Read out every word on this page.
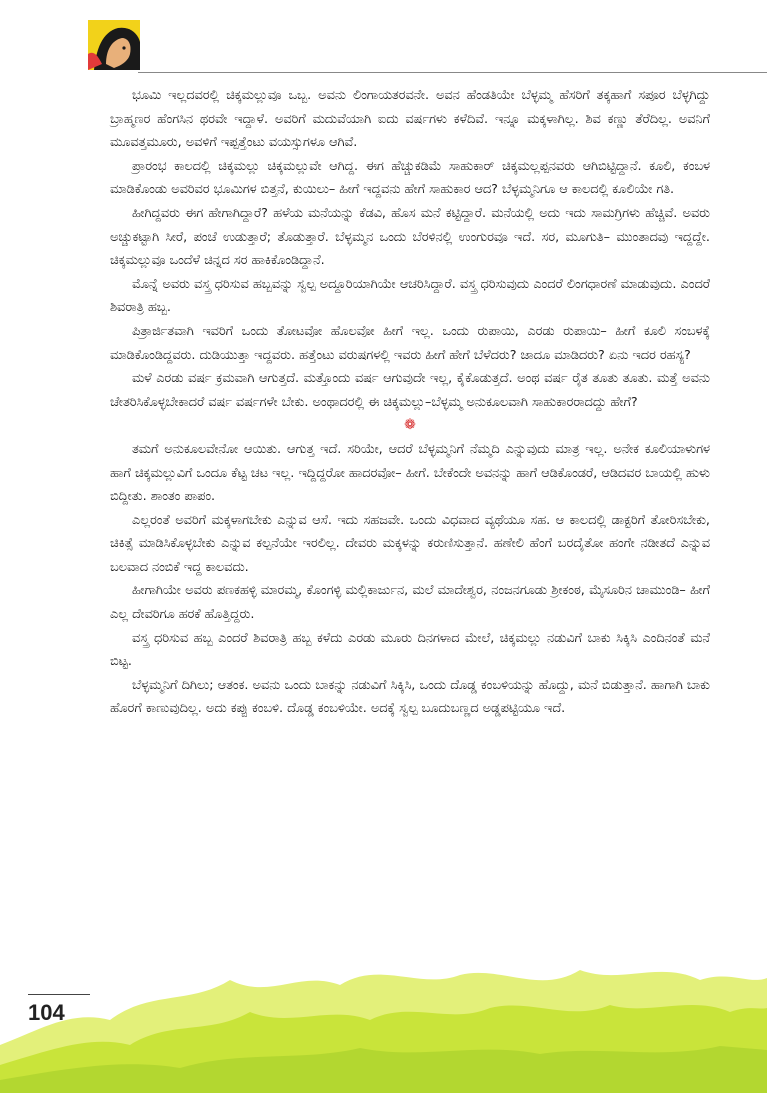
ಭೂಮಿ ಇಲ್ಲದವರಲ್ಲಿ ಚಿಕ್ಕಮಲ್ಲುವೂ ಒಬ್ಬ. ಅವನು ಲಿಂಗಾಯತರವನೇ. ಅವನ ಹೆಂಡತಿಯೇ ಬೆಳ್ಳಮ್ಮ ಹೆಸರಿಗೆ ತಕ್ಕಹಾಗೆ ಸಪೂರ ಬೆಳ್ಳಗಿದ್ದು ಬ್ರಾಹ್ಮಣರ ಹೆಂಗಸಿನ ಥರವೇ ಇದ್ದಾಳೆ. ಅವರಿಗೆ ಮದುವೆಯಾಗಿ ಐದು ವರ್ಷಗಳು ಕಳೆದಿವೆ. ಇನ್ನೂ ಮಕ್ಕಳಾಗಿಲ್ಲ. ಶಿವ ಕಣ್ಣು ತೆರೆದಿಲ್ಲ. ಅವನಿಗೆ ಮೂವತ್ತಮೂರು, ಅವಳಿಗೆ ಇಪ್ಪತ್ತೆಂಟು ವಯಸ್ಸುಗಳೂ ಆಗಿವೆ.

ಪ್ರಾರಂಭ ಕಾಲದಲ್ಲಿ ಚಿಕ್ಕಮಲ್ಲು ಚಿಕ್ಕಮಲ್ಲುವೇ ಆಗಿದ್ದ. ಈಗ ಹೆಚ್ಚುಕಡಿಮೆ ಸಾಹುಕಾರ್ ಚಿಕ್ಕಮಲ್ಲಪ್ಪನವರು ಆಗಿಬಿಟ್ಟಿದ್ದಾನೆ. ಕೂಲಿ, ಕಂಬಳ ಮಾಡಿಕೊಂಡು ಅವರಿವರ ಭೂಮಿಗಳ ಬಿತ್ತನೆ, ಕುಯಿಲು– ಹೀಗೆ ಇದ್ದವನು ಹೇಗೆ ಸಾಹುಕಾರ ಆದ? ಬೆಳ್ಳಮ್ಮನಿಗೂ ಆ ಕಾಲದಲ್ಲಿ ಕೂಲಿಯೇ ಗತಿ.

ಹೀಗಿದ್ದವರು ಈಗ ಹೇಗಾಗಿದ್ದಾರೆ? ಹಳೆಯ ಮನೆಯನ್ನು ಕೆಡವಿ, ಹೊಸ ಮನೆ ಕಟ್ಟಿದ್ದಾರೆ. ಮನೆಯಲ್ಲಿ ಅದು ಇದು ಸಾಮಗ್ರಿಗಳು ಹೆಚ್ಚಿವೆ. ಅವರು ಅಚ್ಚುಕಟ್ಟಾಗಿ ಸೀರೆ, ಪಂಚೆ ಉಡುತ್ತಾರೆ; ತೊಡುತ್ತಾರೆ. ಬೆಳ್ಳಮ್ಮನ ಒಂದು ಬೆರಳಿನಲ್ಲಿ ಉಂಗುರವೂ ಇದೆ. ಸರ, ಮೂಗುತಿ– ಮುಂತಾದವು ಇದ್ದದ್ದೇ. ಚಿಕ್ಕಮಲ್ಲುವೂ ಒಂದೆಳೆ ಚಿನ್ನದ ಸರ ಹಾಕಿಕೊಂಡಿದ್ದಾನೆ.

ಮೊನ್ನೆ ಅವರು ವಸ್ತ್ರ ಧರಿಸುವ ಹಬ್ಬವನ್ನು ಸ್ವಲ್ಪ ಅದ್ದೂರಿಯಾಗಿಯೇ ಆಚರಿಸಿದ್ದಾರೆ. ವಸ್ತ್ರ ಧರಿಸುವುದು ಎಂದರೆ ಲಿಂಗಧಾರಣೆ ಮಾಡುವುದು. ಎಂದರೆ ಶಿವರಾತ್ರಿ ಹಬ್ಬ.

ಪಿತ್ರಾರ್ಜಿತವಾಗಿ ಇವರಿಗೆ ಒಂದು ತೋಟವೋ ಹೊಲವೋ ಹೀಗೆ ಇಲ್ಲ. ಒಂದು ರುಪಾಯಿ, ಎರಡು ರುಪಾಯಿ– ಹೀಗೆ ಕೂಲಿ ಸಂಬಳಕ್ಕೆ ಮಾಡಿಕೊಂಡಿದ್ದವರು. ದುಡಿಯುತ್ತಾ ಇದ್ದವರು. ಹತ್ತೆಂಟು ವರುಷಗಳಲ್ಲಿ ಇವರು ಹೀಗೆ ಹೇಗೆ ಬೆಳೆದರು? ಜಾದೂ ಮಾಡಿದರು? ಏನು ಇದರ ರಹಸ್ಯ?

ಮಳೆ ಎರಡು ವರ್ಷ ಕ್ರಮವಾಗಿ ಆಗುತ್ತದೆ. ಮತ್ತೊಂದು ವರ್ಷ ಆಗುವುದೇ ಇಲ್ಲ, ಕೈಕೊಡುತ್ತದೆ. ಅಂಥ ವರ್ಷ ರೈತ ತೂತು ತೂತು. ಮತ್ತೆ ಅವನು ಚೇತರಿಸಿಕೊಳ್ಳಬೇಕಾದರೆ ವರ್ಷ ವರ್ಷಗಳೇ ಬೇಕು. ಅಂಥಾದರಲ್ಲಿ ಈ ಚಿಕ್ಕಮಲ್ಲು–ಬೆಳ್ಳಮ್ಮ ಅನುಕೂಲವಾಗಿ ಸಾಹುಕಾರರಾದದ್ದು ಹೇಗೆ?

❁

ತಮಗೆ ಅನುಕೂಲವೇನೋ ಆಯಿತು. ಆಗುತ್ತ ಇದೆ. ಸರಿಯೇ, ಆದರೆ ಬೆಳ್ಳಮ್ಮನಿಗೆ ನೆಮ್ಮದಿ ಎನ್ನುವುದು ಮಾತ್ರ ಇಲ್ಲ. ಅನೇಕ ಕೂಲಿಯಾಳುಗಳ ಹಾಗೆ ಚಿಕ್ಕಮಲ್ಲುವಿಗೆ ಒಂದೂ ಕೆಟ್ಟ ಚಟ ಇಲ್ಲ. ಇದ್ದಿದ್ದರೋ ಹಾದರವೋ– ಹೀಗೆ. ಬೇಕೆಂದೇ ಅವನನ್ನು ಹಾಗೆ ಆಡಿಕೊಂಡರೆ, ಆಡಿದವರ ಬಾಯಲ್ಲಿ ಹುಳು ಬಿದ್ದೀತು. ಶಾಂತಂ ಪಾಪಂ.

ಎಲ್ಲರಂತೆ ಅವರಿಗೆ ಮಕ್ಕಳಾಗಬೇಕು ಎನ್ನುವ ಆಸೆ. ಇದು ಸಹಜವೇ. ಒಂದು ವಿಧವಾದ ವ್ಯಥೆಯೂ ಸಹ. ಆ ಕಾಲದಲ್ಲಿ ಡಾಕ್ಟರಿಗೆ ತೋರಿಸಬೇಕು, ಚಿಕಿತ್ಸೆ ಮಾಡಿಸಿಕೊಳ್ಳಬೇಕು ಎನ್ನುವ ಕಲ್ಪನೆಯೇ ಇರಲಿಲ್ಲ. ದೇವರು ಮಕ್ಕಳನ್ನು ಕರುಣಿಸುತ್ತಾನೆ. ಹಣೇಲಿ ಹೆಂಗೆ ಬರದೈತೋ ಹಂಗೇ ನಡೀತದೆ ಎನ್ನುವ ಬಲವಾದ ನಂಬಿಕೆ ಇದ್ದ ಕಾಲವದು.

ಹೀಗಾಗಿಯೇ ಅವರು ಪಣಕಹಳ್ಳಿ ಮಾರಮ್ಮ, ಕೊಂಗಳ್ಳಿ ಮಲ್ಲಿಕಾರ್ಜುನ, ಮಲೆ ಮಾದೇಶ್ವರ, ನಂಜನಗೂಡು ಶ್ರೀಕಂಠ, ಮೈಸೂರಿನ ಚಾಮುಂಡಿ– ಹೀಗೆ ಎಲ್ಲ ದೇವರಿಗೂ ಹರಕೆ ಹೊತ್ತಿದ್ದರು.

ವಸ್ತ್ರ ಧರಿಸುವ ಹಬ್ಬ ಎಂದರೆ ಶಿವರಾತ್ರಿ ಹಬ್ಬ ಕಳೆದು ಎರಡು ಮೂರು ದಿನಗಳಾದ ಮೇಲೆ, ಚಿಕ್ಕಮಲ್ಲು ನಡುವಿಗೆ ಬಾಕು ಸಿಕ್ಕಿಸಿ ಎಂದಿನಂತೆ ಮನೆ ಬಿಟ್ಟ.

ಬೆಳ್ಳಮ್ಮನಿಗೆ ದಿಗಿಲು; ಆತಂಕ. ಅವನು ಒಂದು ಬಾಕನ್ನು ನಡುವಿಗೆ ಸಿಕ್ಕಿಸಿ, ಒಂದು ದೊಡ್ಡ ಕಂಬಳಿಯನ್ನು ಹೊದ್ದು, ಮನೆ ಬಿಡುತ್ತಾನೆ. ಹಾಗಾಗಿ ಬಾಕು ಹೊರಗೆ ಕಾಣುವುದಿಲ್ಲ. ಅದು ಕಪ್ಪು ಕಂಬಳಿ. ದೊಡ್ಡ ಕಂಬಳಿಯೇ. ಅದಕ್ಕೆ ಸ್ವಲ್ಪ ಬೂದುಬಣ್ಣದ ಅಡ್ಡಪಟ್ಟಿಯೂ ಇದೆ.

104
